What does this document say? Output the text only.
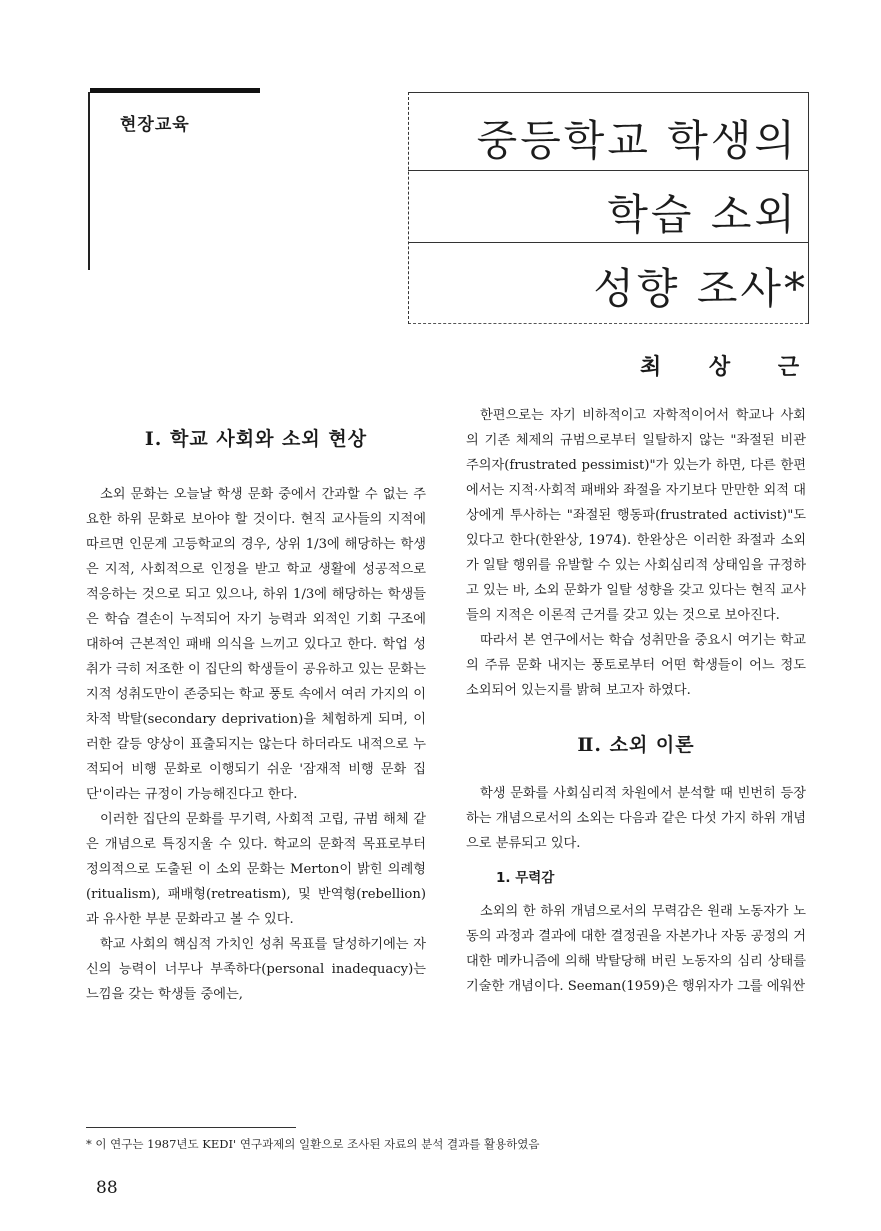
현장교육	중등학교 학생의
학습 소외
성향 조사*
최 상 근
Ⅰ. 학교 사회와 소외 현상

소외 문화는 오늘날 학생 문화 중에서 간과할 수 없는 주요한 하위 문화로 보아야 할 것이다. 현직 교사들의 지적에 따르면 인문계 고등학교의 경우, 상위 1/3에 해당하는 학생은 지적, 사회적으로 인정을 받고 학교 생활에 성공적으로 적응하는 것으로 되고 있으나, 하위 1/3에 해당하는 학생들은 학습 결손이 누적되어 자기 능력과 외적인 기회 구조에 대하여 근본적인 패배 의식을 느끼고 있다고 한다. 학업 성취가 극히 저조한 이 집단의 학생들이 공유하고 있는 문화는 지적 성취도만이 존중되는 학교 풍토 속에서 여러 가지의 이차적 박탈(secondary deprivation)을 체험하게 되며, 이러한 갈등 양상이 표출되지는 않는다 하더라도 내적으로 누적되어 비행 문화로 이행되기 쉬운 '잠재적 비행 문화 집단'이라는 규정이 가능해진다고 한다.

이러한 집단의 문화를 무기력, 사회적 고립, 규범 해체 같은 개념으로 특징지울 수 있다. 학교의 문화적 목표로부터 정의적으로 도출된 이 소외 문화는 Merton이 밝힌 의례형(ritualism), 패배형(retreatism), 및 반역형(rebellion)과 유사한 부분 문화라고 볼 수 있다.

학교 사회의 핵심적 가치인 성취 목표를 달성하기에는 자신의 능력이 너무나 부족하다(personal inadequacy)는 느낌을 갖는 학생들 중에는,

한편으로는 자기 비하적이고 자학적이어서 학교나 사회의 기존 체제의 규범으로부터 일탈하지 않는 "좌절된 비관주의자(frustrated pessimist)"가 있는가 하면, 다른 한편에서는 지적·사회적 패배와 좌절을 자기보다 만만한 외적 대상에게 투사하는 "좌절된 행동파(frustrated activist)"도 있다고 한다(한완상, 1974). 한완상은 이러한 좌절과 소외가 일탈 행위를 유발할 수 있는 사회심리적 상태임을 규정하고 있는 바, 소외 문화가 일탈 성향을 갖고 있다는 현직 교사들의 지적은 이론적 근거를 갖고 있는 것으로 보아진다.

따라서 본 연구에서는 학습 성취만을 중요시 여기는 학교의 주류 문화 내지는 풍토로부터 어떤 학생들이 어느 정도 소외되어 있는지를 밝혀 보고자 하였다.

Ⅱ. 소외 이론

학생 문화를 사회심리적 차원에서 분석할 때 빈번히 등장하는 개념으로서의 소외는 다음과 같은 다섯 가지 하위 개념으로 분류되고 있다.

1. 무력감

소외의 한 하위 개념으로서의 무력감은 원래 노동자가 노동의 과정과 결과에 대한 결정권을 자본가나 자동 공정의 거대한 메카니즘에 의해 박탈당해 버린 노동자의 심리 상태를 기술한 개념이다. Seeman(1959)은 행위자가 그를 에워싼

* 이 연구는 1987년도 KEDI' 연구과제의 일환으로 조사된 자료의 분석 결과를 활용하였음
88
